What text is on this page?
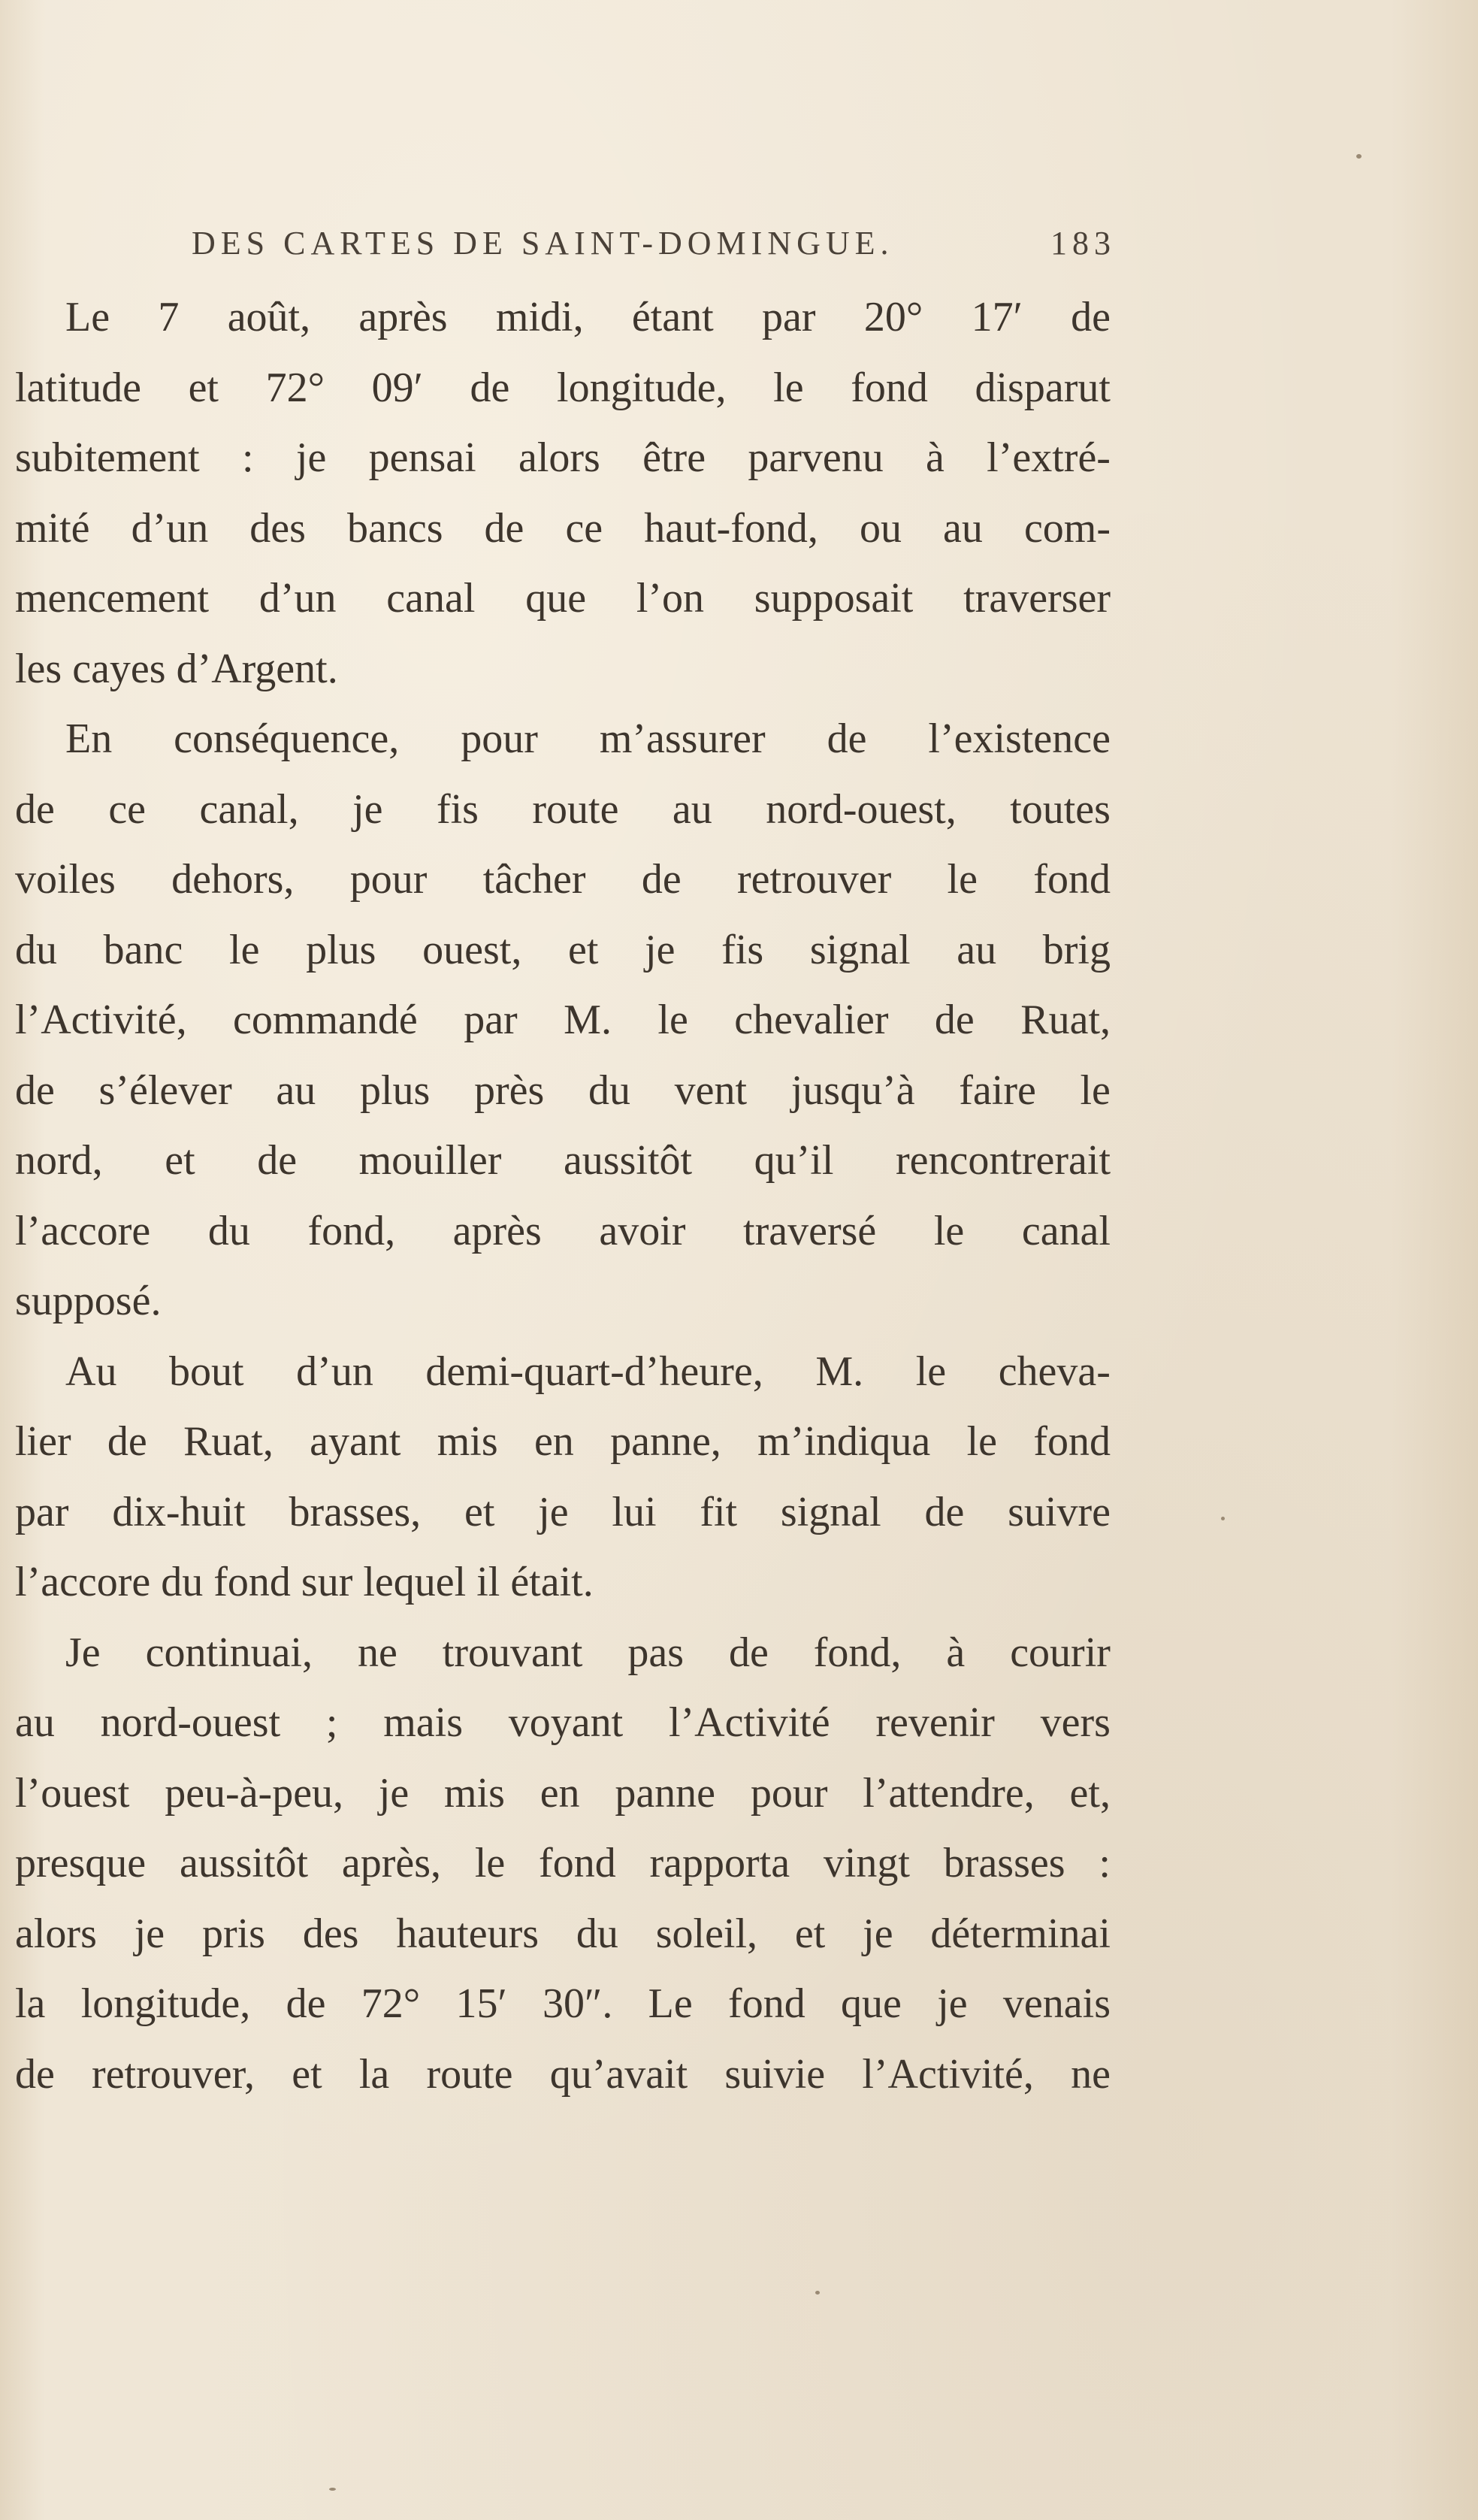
DES CARTES DE SAINT-DOMINGUE.	183
Le 7 août, après midi, étant par 20° 17′ de
latitude et 72° 09′ de longitude, le fond disparut
subitement : je pensai alors être parvenu à l’extré-
mité d’un des bancs de ce haut-fond, ou au com-
mencement d’un canal que l’on supposait traverser
les cayes d’Argent.
En conséquence, pour m’assurer de l’existence
de ce canal, je fis route au nord-ouest, toutes
voiles dehors, pour tâcher de retrouver le fond
du banc le plus ouest, et je fis signal au brig
l’Activité, commandé par M. le chevalier de Ruat,
de s’élever au plus près du vent jusqu’à faire le
nord, et de mouiller aussitôt qu’il rencontrerait
l’accore du fond, après avoir traversé le canal
supposé.
Au bout d’un demi-quart-d’heure, M. le cheva-
lier de Ruat, ayant mis en panne, m’indiqua le fond
par dix-huit brasses, et je lui fit signal de suivre
l’accore du fond sur lequel il était.
Je continuai, ne trouvant pas de fond, à courir
au nord-ouest ; mais voyant l’Activité revenir vers
l’ouest peu-à-peu, je mis en panne pour l’attendre, et,
presque aussitôt après, le fond rapporta vingt brasses :
alors je pris des hauteurs du soleil, et je déterminai
la longitude, de 72° 15′ 30″. Le fond que je venais
de retrouver, et la route qu’avait suivie l’Activité, ne
